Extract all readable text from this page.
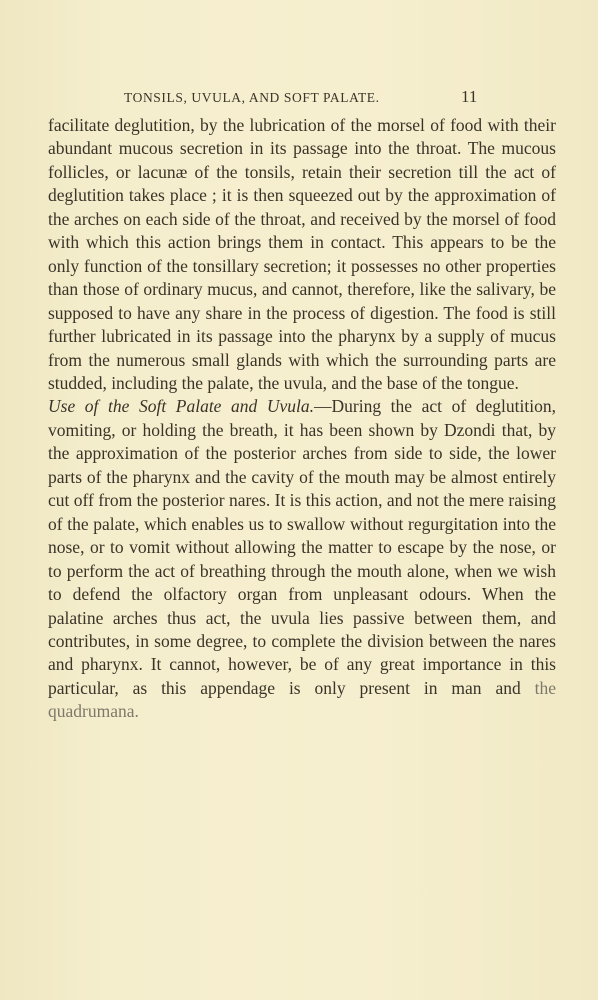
TONSILS, UVULA, AND SOFT PALATE.	11

facilitate deglutition, by the lubrication of the morsel of food with their abundant mucous secretion in its passage into the throat. The mucous follicles, or lacunæ of the tonsils, retain their secretion till the act of deglutition takes place ; it is then squeezed out by the approximation of the arches on each side of the throat, and received by the morsel of food with which this action brings them in contact. This appears to be the only function of the tonsillary secretion; it possesses no other properties than those of ordinary mucus, and cannot, therefore, like the salivary, be supposed to have any share in the process of digestion. The food is still further lubricated in its passage into the pharynx by a supply of mucus from the numerous small glands with which the surrounding parts are studded, including the palate, the uvula, and the base of the tongue.

Use of the Soft Palate and Uvula.—During the act of deglutition, vomiting, or holding the breath, it has been shown by Dzondi that, by the approximation of the posterior arches from side to side, the lower parts of the pharynx and the cavity of the mouth may be almost entirely cut off from the posterior nares. It is this action, and not the mere raising of the palate, which enables us to swallow without regurgitation into the nose, or to vomit without allowing the matter to escape by the nose, or to perform the act of breathing through the mouth alone, when we wish to defend the olfactory organ from unpleasant odours. When the palatine arches thus act, the uvula lies passive between them, and contributes, in some degree, to complete the division between the nares and pharynx. It cannot, however, be of any great importance in this particular, as this appendage is only present in man and the quadrumana.
